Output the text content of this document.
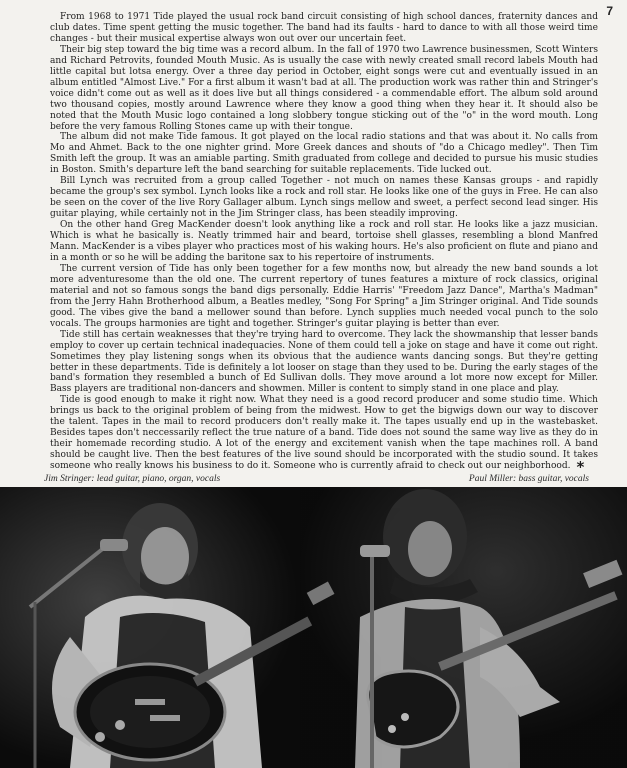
7

From 1968 to 1971 Tide played the usual rock band circuit consisting of high school dances, fraternity dances and club dates. Time spent getting the music together. The band had its faults - hard to dance to with all those weird time changes - but their musical expertise always won out over our uncertain feet.

Their big step toward the big time was a record album. In the fall of 1970 two Lawrence businessmen, Scott Winters and Richard Petrovits, founded Mouth Music. As is usually the case with newly created small record labels Mouth had little capital but lotsa energy. Over a three day period in October, eight songs were cut and eventually issued in an album entitled "Almost Live." For a first album it wasn't bad at all. The production work was rather thin and Stringer's voice didn't come out as well as it does live but all things considered - a commendable effort. The album sold around two thousand copies, mostly around Lawrence where they know a good thing when they hear it. It should also be noted that the Mouth Music logo contained a long slobbery tongue sticking out of the "o" in the word mouth. Long before the very famous Rolling Stones came up with their tongue.

The album did not make Tide famous. It got played on the local radio stations and that was about it. No calls from Mo and Ahmet. Back to the one nighter grind. More Greek dances and shouts of "do a Chicago medley". Then Tim Smith left the group. It was an amiable parting. Smith graduated from college and decided to pursue his music studies in Boston. Smith's departure left the band searching for suitable replacements. Tide lucked out.

Bill Lynch was recruited from a group called Together - not much on names these Kansas groups - and rapidly became the group's sex symbol. Lynch looks like a rock and roll star. He looks like one of the guys in Free. He can also be seen on the cover of the live Rory Gallager album. Lynch sings mellow and sweet, a perfect second lead singer. His guitar playing, while certainly not in the Jim Stringer class, has been steadily improving.

On the other hand Greg MacKender doesn't look anything like a rock and roll star. He looks like a jazz musician. Which is what he basically is. Neatly trimmed hair and beard, tortoise shell glasses, resembling a blond Manfred Mann. MacKender is a vibes player who practices most of his waking hours. He's also proficient on flute and piano and in a month or so he will be adding the baritone sax to his repertoire of instruments.

The current version of Tide has only been together for a few months now, but already the new band sounds a lot more adventuresome than the old one. The current repertory of tunes features a mixture of rock classics, original material and not so famous songs the band digs personally. Eddie Harris' "Freedom Jazz Dance", Martha's Madman" from the Jerry Hahn Brotherhood album, a Beatles medley, "Song For Spring" a Jim Stringer original. And Tide sounds good. The vibes give the band a mellower sound than before. Lynch supplies much needed vocal punch to the solo vocals. The groups harmonies are tight and together. Stringer's guitar playing is better than ever.

Tide still has certain weaknesses that they're trying hard to overcome. They lack the showmanship that lesser bands employ to cover up certain technical inadequacies. None of them could tell a joke on stage and have it come out right. Sometimes they play listening songs when its obvious that the audience wants dancing songs. But they're getting better in these departments. Tide is definitely a lot looser on stage than they used to be. During the early stages of the band's formation they resembled a bunch of Ed Sullivan dolls. They move around a lot more now except for Miller. Bass players are traditional non-dancers and showmen. Miller is content to simply stand in one place and play.

Tide is good enough to make it right now. What they need is a good record producer and some studio time. Which brings us back to the original problem of being from the midwest. How to get the bigwigs down our way to discover the talent. Tapes in the mail to record producers don't really make it. The tapes usually end up in the wastebasket. Besides tapes don't neccessarily reflect the true nature of a band. Tide does not sound the same way live as they do in their homemade recording studio. A lot of the energy and excitement vanish when the tape machines roll. A band should be caught live. Then the best features of the live sound should be incorporated with the studio sound. It takes someone who really knows his business to do it. Someone who is currently afraid to check out our neighborhood. *

Jim Stringer: lead guitar, piano, organ, vocals	Paul Miller: bass guitar, vocals
